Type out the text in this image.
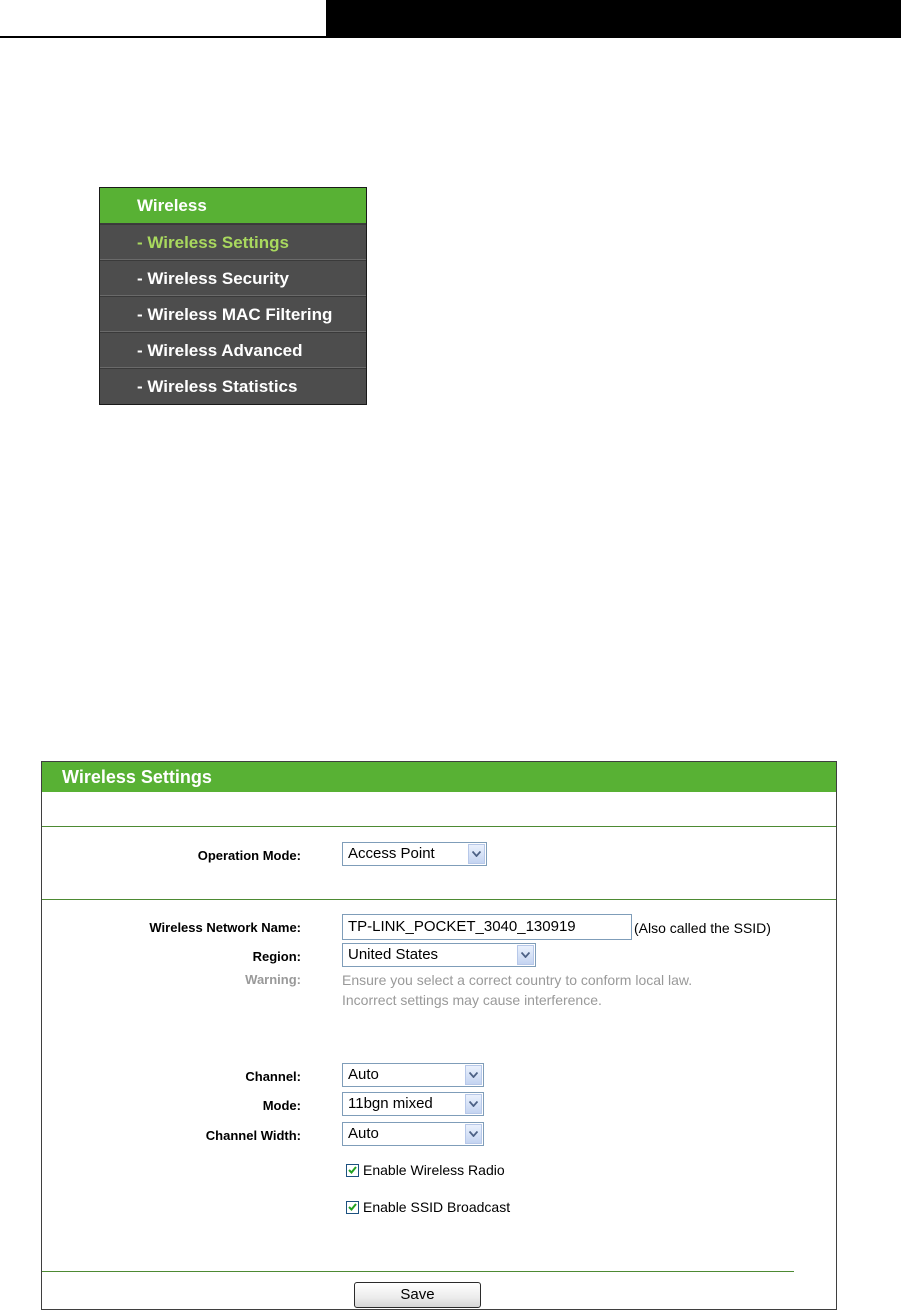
Wireless
- Wireless Settings
- Wireless Security
- Wireless MAC Filtering
- Wireless Advanced
- Wireless Statistics
Wireless Settings
Operation Mode:	Access Point
Wireless Network Name:	TP-LINK_POCKET_3040_130919	(Also called the SSID)
Region:	United States
Warning:	Ensure you select a correct country to conform local law.
Incorrect settings may cause interference.
Channel:	Auto
Mode:	11bgn mixed
Channel Width:	Auto
Enable Wireless Radio
Enable SSID Broadcast
Save
